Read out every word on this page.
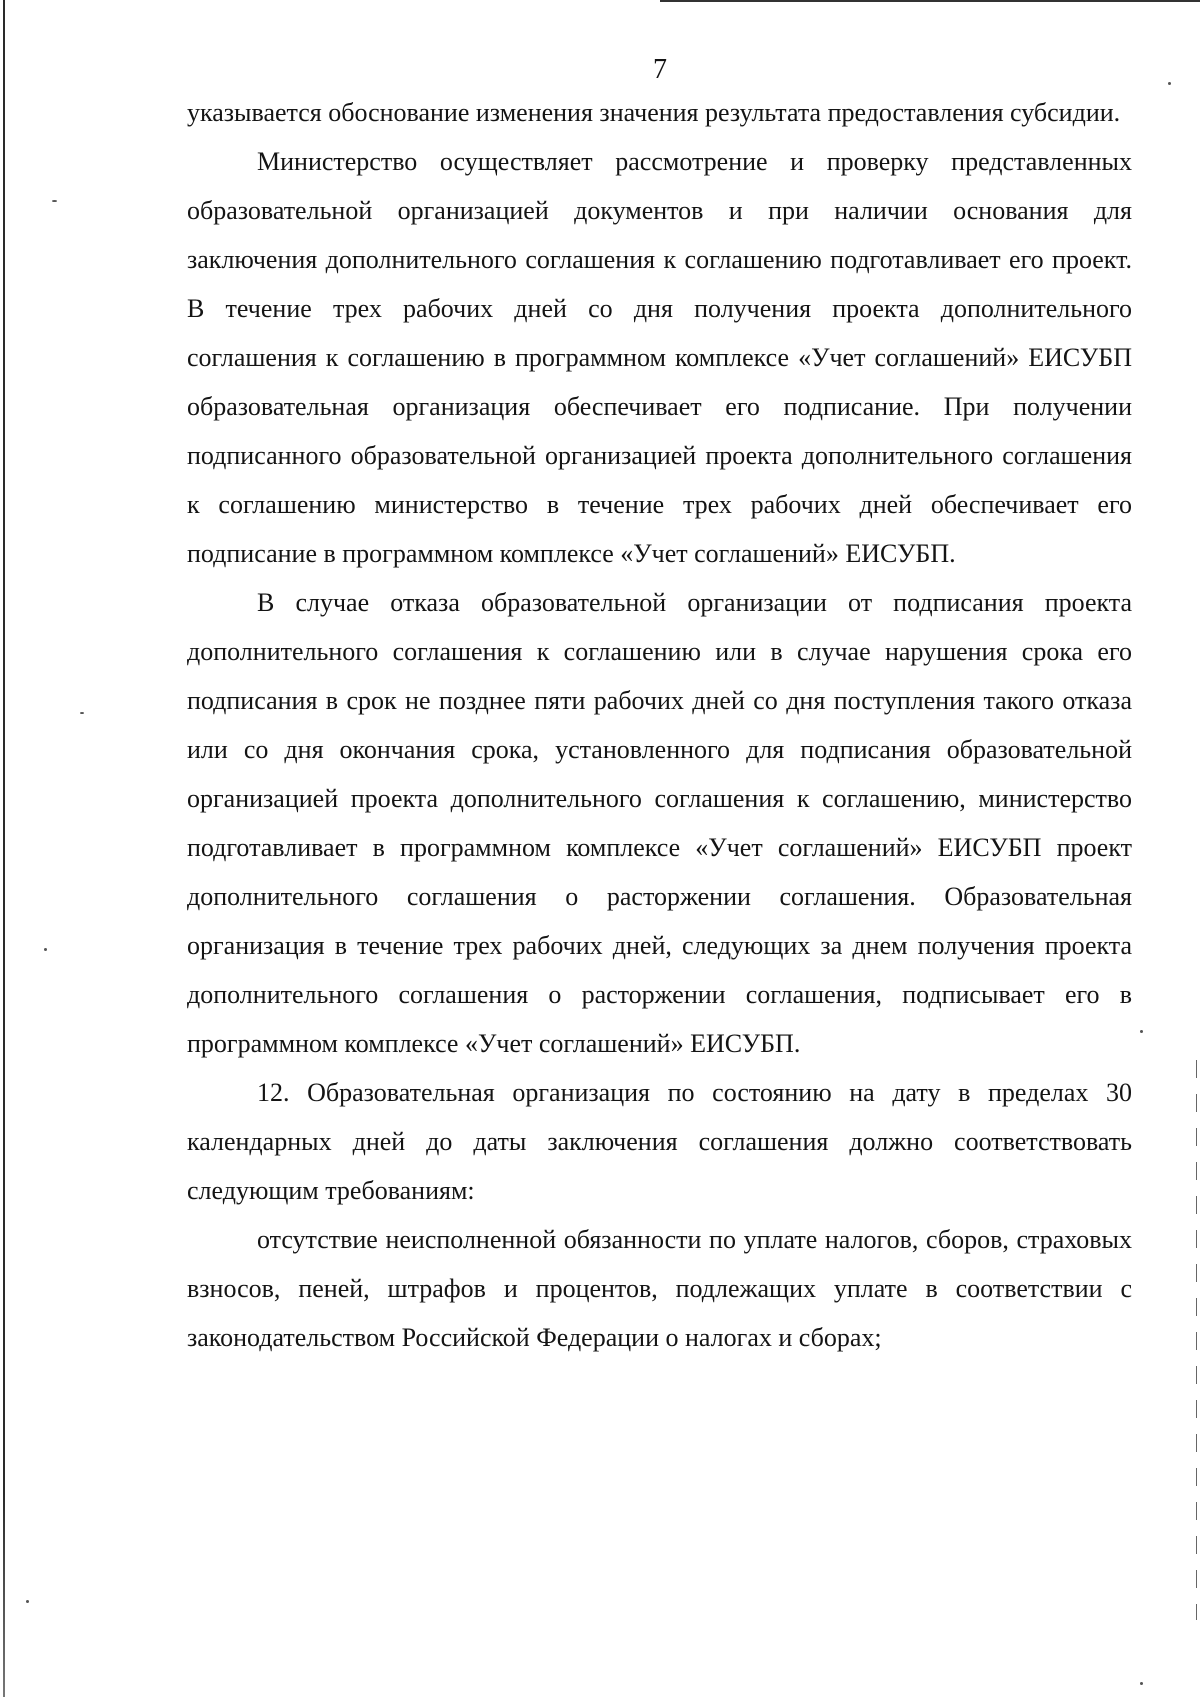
7

указывается обоснование изменения значения результата предоставления субсидии.

Министерство осуществляет рассмотрение и проверку представленных образовательной организацией документов и при наличии основания для заключения дополнительного соглашения к соглашению подготавливает его проект. В течение трех рабочих дней со дня получения проекта дополнительного соглашения к соглашению в программном комплексе «Учет соглашений» ЕИСУБП образовательная организация обеспечивает его подписание. При получении подписанного образовательной организацией проекта дополнительного соглашения к соглашению министерство в течение трех рабочих дней обеспечивает его подписание в программном комплексе «Учет соглашений» ЕИСУБП.

В случае отказа образовательной организации от подписания проекта дополнительного соглашения к соглашению или в случае нарушения срока его подписания в срок не позднее пяти рабочих дней со дня поступления такого отказа или со дня окончания срока, установленного для подписания образовательной организацией проекта дополнительного соглашения к соглашению, министерство подготавливает в программном комплексе «Учет соглашений» ЕИСУБП проект дополнительного соглашения о расторжении соглашения. Образовательная организация в течение трех рабочих дней, следующих за днем получения проекта дополнительного соглашения о расторжении соглашения, подписывает его в программном комплексе «Учет соглашений» ЕИСУБП.

12. Образовательная организация по состоянию на дату в пределах 30 календарных дней до даты заключения соглашения должно соответствовать следующим требованиям:

отсутствие неисполненной обязанности по уплате налогов, сборов, страховых взносов, пеней, штрафов и процентов, подлежащих уплате в соответствии с законодательством Российской Федерации о налогах и сборах;
